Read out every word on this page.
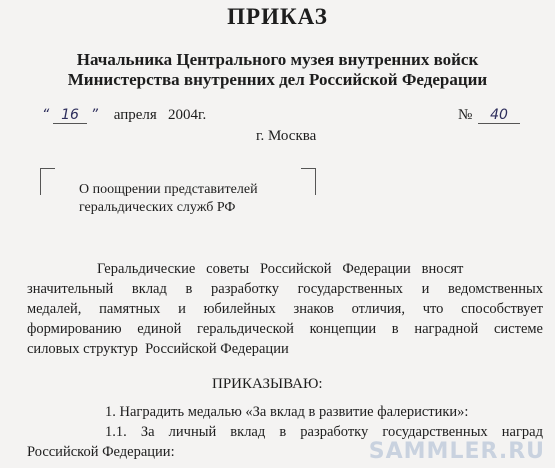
ПРИКАЗ
Начальника Центрального музея внутренних войск
Министерства внутренних дел Российской Федерации
“ 16 ” апреля   2004г.	№ 40
г. Москва
О поощрении представителей
геральдических служб РФ
Геральдические   советы   Российской   Федерации   вносят
значительный вклад в разработку государственных и ведомственных
медалей, памятных и юбилейных знаков отличия, что способствует
формированию единой геральдической концепции в наградной системе
силовых структур  Российской Федерации
ПРИКАЗЫВАЮ:
1. Наградить медалью «За вклад в развитие фалеристики»:
1.1.  За  личный  вклад  в  разработку  государственных  наград
Российской Федерации:	SAMMLER.RU
